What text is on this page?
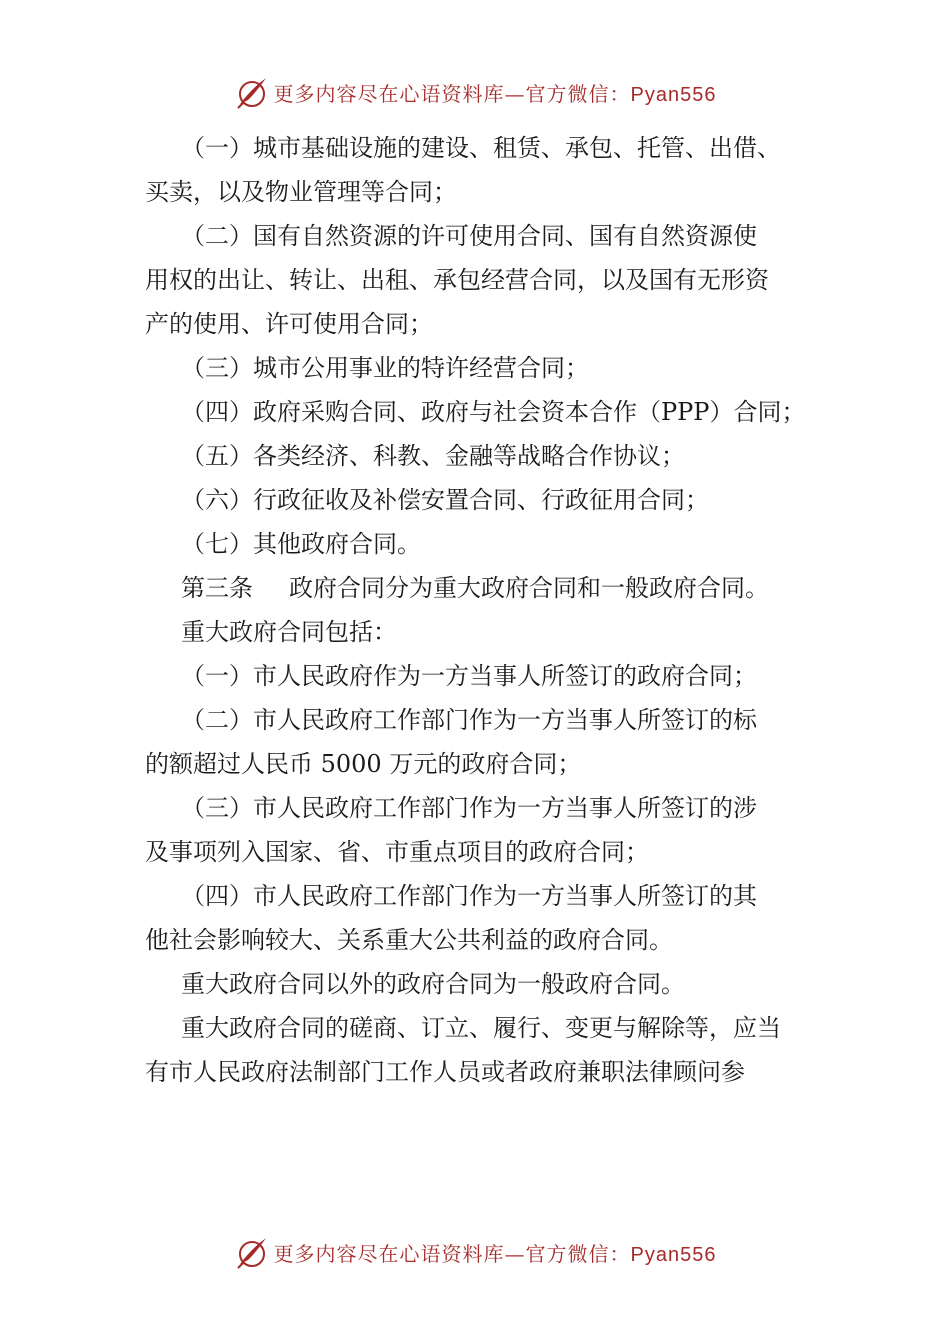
更多内容尽在心语资料库—官方微信：Pyan556

（一）城市基础设施的建设、租赁、承包、托管、出借、

买卖，以及物业管理等合同；

（二）国有自然资源的许可使用合同、国有自然资源使

用权的出让、转让、出租、承包经营合同，以及国有无形资

产的使用、许可使用合同；

（三）城市公用事业的特许经营合同；

（四）政府采购合同、政府与社会资本合作（PPP）合同；

（五）各类经济、科教、金融等战略合作协议；

（六）行政征收及补偿安置合同、行政征用合同；

（七）其他政府合同。

第三条 政府合同分为重大政府合同和一般政府合同。

重大政府合同包括：

（一）市人民政府作为一方当事人所签订的政府合同；

（二）市人民政府工作部门作为一方当事人所签订的标

的额超过人民币 5000 万元的政府合同；

（三）市人民政府工作部门作为一方当事人所签订的涉

及事项列入国家、省、市重点项目的政府合同；

（四）市人民政府工作部门作为一方当事人所签订的其

他社会影响较大、关系重大公共利益的政府合同。

重大政府合同以外的政府合同为一般政府合同。

重大政府合同的磋商、订立、履行、变更与解除等，应当

有市人民政府法制部门工作人员或者政府兼职法律顾问参

更多内容尽在心语资料库—官方微信：Pyan556
